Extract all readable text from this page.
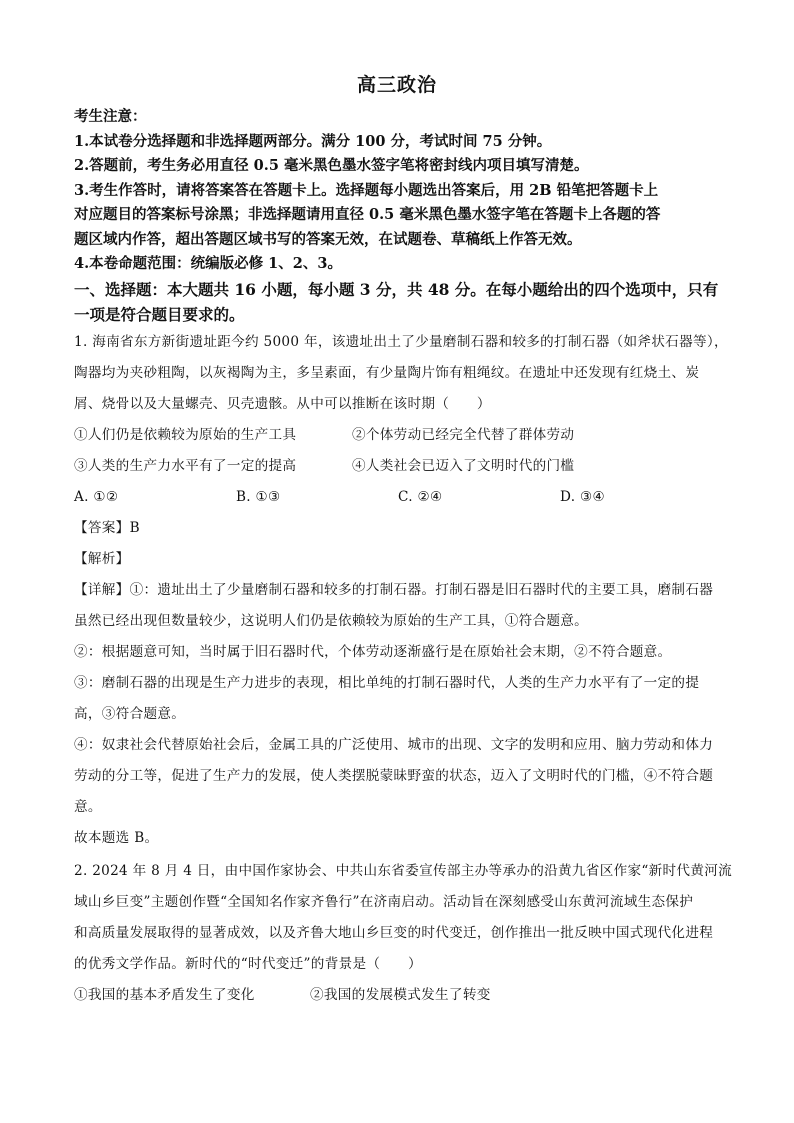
高三政治
考生注意：
1.本试卷分选择题和非选择题两部分。满分 100 分，考试时间 75 分钟。
2.答题前，考生务必用直径 0.5 毫米黑色墨水签字笔将密封线内项目填写清楚。
3.考生作答时，请将答案答在答题卡上。选择题每小题选出答案后，用 2B 铅笔把答题卡上
对应题目的答案标号涂黑；非选择题请用直径 0.5 毫米黑色墨水签字笔在答题卡上各题的答
题区域内作答，超出答题区域书写的答案无效，在试题卷、草稿纸上作答无效。
4.本卷命题范围：统编版必修 1、2、3。
一、选择题：本大题共 16 小题，每小题 3 分，共 48 分。在每小题给出的四个选项中，只有
一项是符合题目要求的。

1. 海南省东方新街遗址距今约 5000 年，该遗址出土了少量磨制石器和较多的打制石器（如斧状石器等），

陶器均为夹砂粗陶，以灰褐陶为主，多呈素面，有少量陶片饰有粗绳纹。在遗址中还发现有红烧土、炭

屑、烧骨以及大量螺壳、贝壳遗骸。从中可以推断在该时期（　　）

①人们仍是依赖较为原始的生产工具	②个体劳动已经完全代替了群体劳动
③人类的生产力水平有了一定的提高	④人类社会已迈入了文明时代的门槛
A. ①②	B. ①③	C. ②④	D. ③④

【答案】B

【解析】

【详解】①：遗址出土了少量磨制石器和较多的打制石器。打制石器是旧石器时代的主要工具，磨制石器

虽然已经出现但数量较少，这说明人们仍是依赖较为原始的生产工具，①符合题意。

②：根据题意可知，当时属于旧石器时代，个体劳动逐渐盛行是在原始社会末期，②不符合题意。

③：磨制石器的出现是生产力进步的表现，相比单纯的打制石器时代，人类的生产力水平有了一定的提

高，③符合题意。

④：奴隶社会代替原始社会后，金属工具的广泛使用、城市的出现、文字的发明和应用、脑力劳动和体力

劳动的分工等，促进了生产力的发展，使人类摆脱蒙昧野蛮的状态，迈入了文明时代的门槛，④不符合题

意。

故本题选 B。

2. 2024 年 8 月 4 日，由中国作家协会、中共山东省委宣传部主办等承办的沿黄九省区作家“新时代黄河流

域山乡巨变”主题创作暨“全国知名作家齐鲁行”在济南启动。活动旨在深刻感受山东黄河流域生态保护

和高质量发展取得的显著成效，以及齐鲁大地山乡巨变的时代变迁，创作推出一批反映中国式现代化进程

的优秀文学作品。新时代的“时代变迁”的背景是（　　）

①我国的基本矛盾发生了变化	②我国的发展模式发生了转变
